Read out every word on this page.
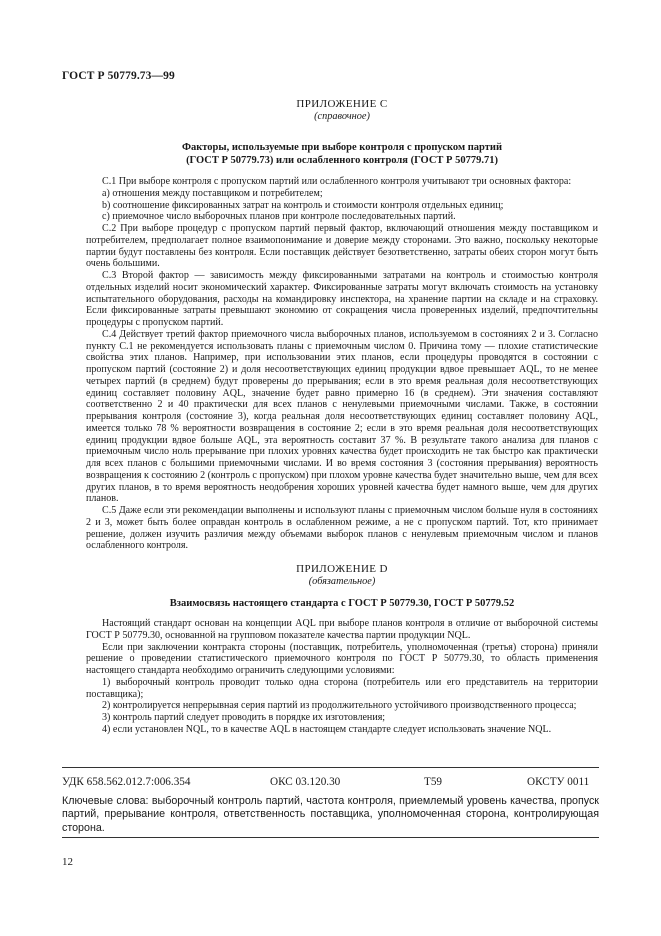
ГОСТ Р 50779.73—99
ПРИЛОЖЕНИЕ С
(справочное)
Факторы, используемые при выборе контроля с пропуском партий
(ГОСТ Р 50779.73) или ослабленного контроля (ГОСТ Р 50779.71)

С.1 При выборе контроля с пропуском партий или ослабленного контроля учитывают три основных фактора:

а) отношения между поставщиком и потребителем;

b) соотношение фиксированных затрат на контроль и стоимости контроля отдельных единиц;

с) приемочное число выборочных планов при контроле последовательных партий.

С.2 При выборе процедур с пропуском партий первый фактор, включающий отношения между поставщиком и потребителем, предполагает полное взаимопонимание и доверие между сторонами. Это важно, поскольку некоторые партии будут поставлены без контроля. Если поставщик действует безответственно, затраты обеих сторон могут быть очень большими.

С.3 Второй фактор — зависимость между фиксированными затратами на контроль и стоимостью контроля отдельных изделий носит экономический характер. Фиксированные затраты могут включать стоимость на установку испытательного оборудования, расходы на командировку инспектора, на хранение партии на складе и на страховку. Если фиксированные затраты превышают экономию от сокращения числа проверенных изделий, предпочтительны процедуры с пропуском партий.

С.4 Действует третий фактор приемочного числа выборочных планов, используемом в состояниях 2 и 3. Согласно пункту С.1 не рекомендуется использовать планы с приемочным числом 0. Причина тому — плохие статистические свойства этих планов. Например, при использовании этих планов, если процедуры проводятся в состоянии с пропуском партий (состояние 2) и доля несоответствующих единиц продукции вдвое превышает AQL, то не менее четырех партий (в среднем) будут проверены до прерывания; если в это время реальная доля несоответствующих единиц составляет половину AQL, значение будет равно примерно 16 (в среднем). Эти значения составляют соответственно 2 и 40 практически для всех планов с ненулевыми приемочными числами. Также, в состоянии прерывания контроля (состояние 3), когда реальная доля несоответствующих единиц составляет половину AQL, имеется только 78 % вероятности возвращения в состояние 2; если в это время реальная доля несоответствующих единиц продукции вдвое больше AQL, эта вероятность составит 37 %. В результате такого анализа для планов с приемочным число ноль прерывание при плохих уровнях качества будет происходить не так быстро как практически для всех планов с большими приемочными числами. И во время состояния 3 (состояния прерывания) вероятность возвращения к состоянию 2 (контроль с пропуском) при плохом уровне качества будет значительно выше, чем для всех других планов, в то время вероятность неодобрения хороших уровней качества будет намного выше, чем для других планов.

С.5 Даже если эти рекомендации выполнены и используют планы с приемочным числом больше нуля в состояниях 2 и 3, может быть более оправдан контроль в ослабленном режиме, а не с пропуском партий. Тот, кто принимает решение, должен изучить различия между объемами выборок планов с ненулевым приемочным числом и планов ослабленного контроля.

ПРИЛОЖЕНИЕ D
(обязательное)
Взаимосвязь настоящего стандарта с ГОСТ Р 50779.30, ГОСТ Р 50779.52

Настоящий стандарт основан на концепции AQL при выборе планов контроля в отличие от выборочной системы ГОСТ Р 50779.30, основанной на групповом показателе качества партии продукции NQL.

Если при заключении контракта стороны (поставщик, потребитель, уполномоченная (третья) сторона) приняли решение о проведении статистического приемочного контроля по ГОСТ Р 50779.30, то область применения настоящего стандарта необходимо ограничить следующими условиями:

1) выборочный контроль проводит только одна сторона (потребитель или его представитель на территории поставщика);

2) контролируется непрерывная серия партий из продолжительного устойчивого производственного процесса;

3) контроль партий следует проводить в порядке их изготовления;

4) если установлен NQL, то в качестве AQL в настоящем стандарте следует использовать значение NQL.

УДК 658.562.012.7:006.354	ОКС 03.120.30	Т59	ОКСТУ 0011
Ключевые слова: выборочный контроль партий, частота контроля, приемлемый уровень качества, пропуск партий, прерывание контроля, ответственность поставщика, уполномоченная сторона, контролирующая сторона.
12
